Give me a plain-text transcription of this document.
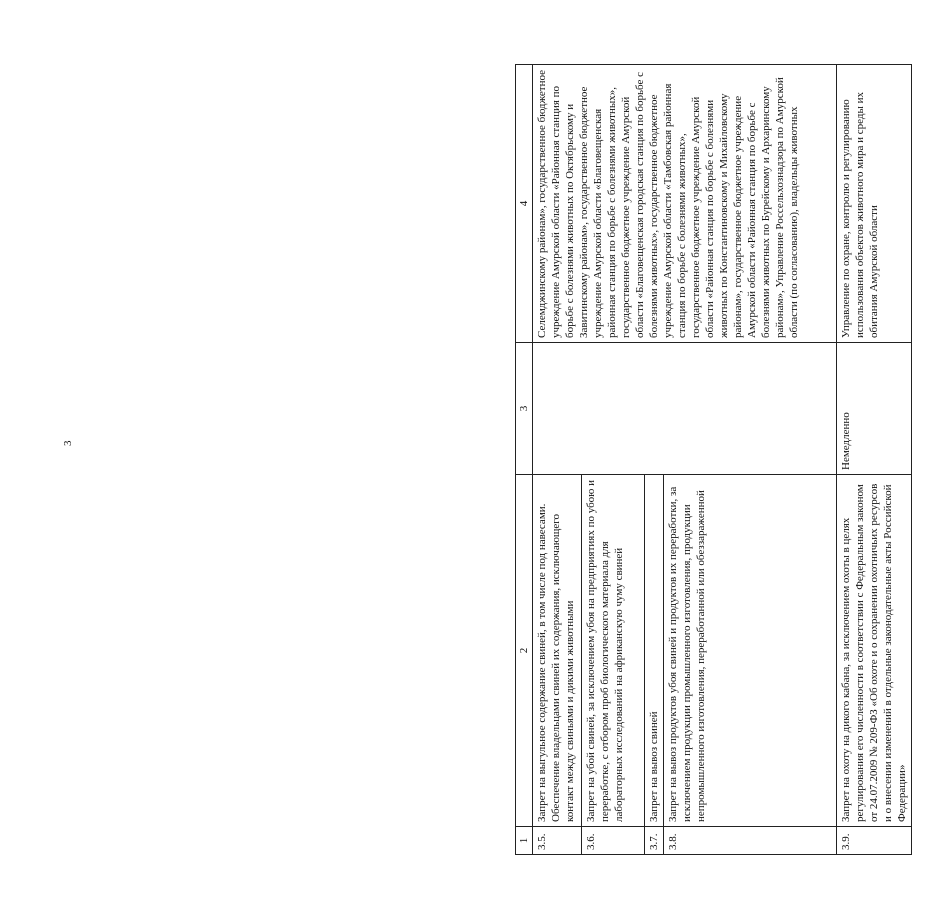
3
1	2	3	4
3.5.	Запрет на выгульное содержание свиней, в том числе под навесами. Обеспечение владельцами свиней их содержания, исключающего контакт между свиньями и дикими животными		Селемджинскому районам», государственное бюджетное учреждение Амурской области «Районная станция по борьбе с болезнями животных по Октябрьскому и Завитинскому районам», государственное бюджетное учреждение Амурской области «Благовещенская районная станция по борьбе с болезнями животных», государственное бюджетное учреждение Амурской области «Благовещенская городская станция по борьбе с болезнями животных», государственное бюджетное учреждение Амурской области «Тамбовская районная станция по борьбе с болезнями животных», государственное бюджетное учреждение Амурской области «Районная станция по борьбе с болезнями животных по Константиновскому и Михайловскому районам», государственное бюджетное учреждение Амурской области «Районная станция по борьбе с болезнями животных по Бурейскому и Архаринскому районам», Управление Россельхознадзора по Амурской области (по согласованию), владельцы животных
3.6.	Запрет на убой свиней, за исключением убоя на предприятиях по убою и переработке, с отбором проб биологического материала для лабораторных исследований на африканскую чуму свиней		
3.7.	Запрет на вывоз свиней		
3.8.	Запрет на вывоз продуктов убоя свиней и продуктов их переработки, за исключением продукции промышленного изготовления, продукции непромышленного изготовления, переработанной или обеззараженной		
3.9.	Запрет на охоту на дикого кабана, за исключением охоты в целях регулирования его численности в соответствии с Федеральным законом от 24.07.2009 № 209-ФЗ «Об охоте и о сохранении охотничьих ресурсов и о внесении изменений в отдельные законодательные акты Российской Федерации»	Немедленно	Управление по охране, контролю и регулированию использования объектов животного мира и среды их обитания Амурской области
